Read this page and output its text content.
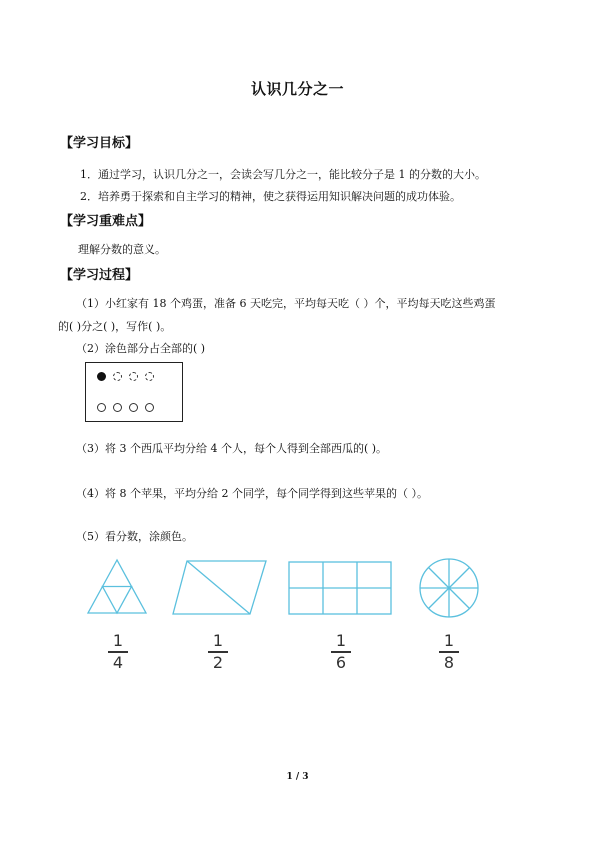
认识几分之一
【学习目标】
1．通过学习，认识几分之一，会读会写几分之一，能比较分子是 1 的分数的大小。
2．培养勇于探索和自主学习的精神，使之获得运用知识解决问题的成功体验。
【学习重难点】
理解分数的意义。
【学习过程】
（1）小红家有 18 个鸡蛋，准备 6 天吃完，平均每天吃（ ）个，平均每天吃这些鸡蛋
的( )分之( )，写作( )。
（2）涂色部分占全部的( )
（3）将 3 个西瓜平均分给 4 个人，每个人得到全部西瓜的( )。
（4）将 8 个苹果，平均分给 2 个同学，每个同学得到这些苹果的（ ）。
（5）看分数，涂颜色。
1
4
1
2
1
6
1
8
1 / 3
